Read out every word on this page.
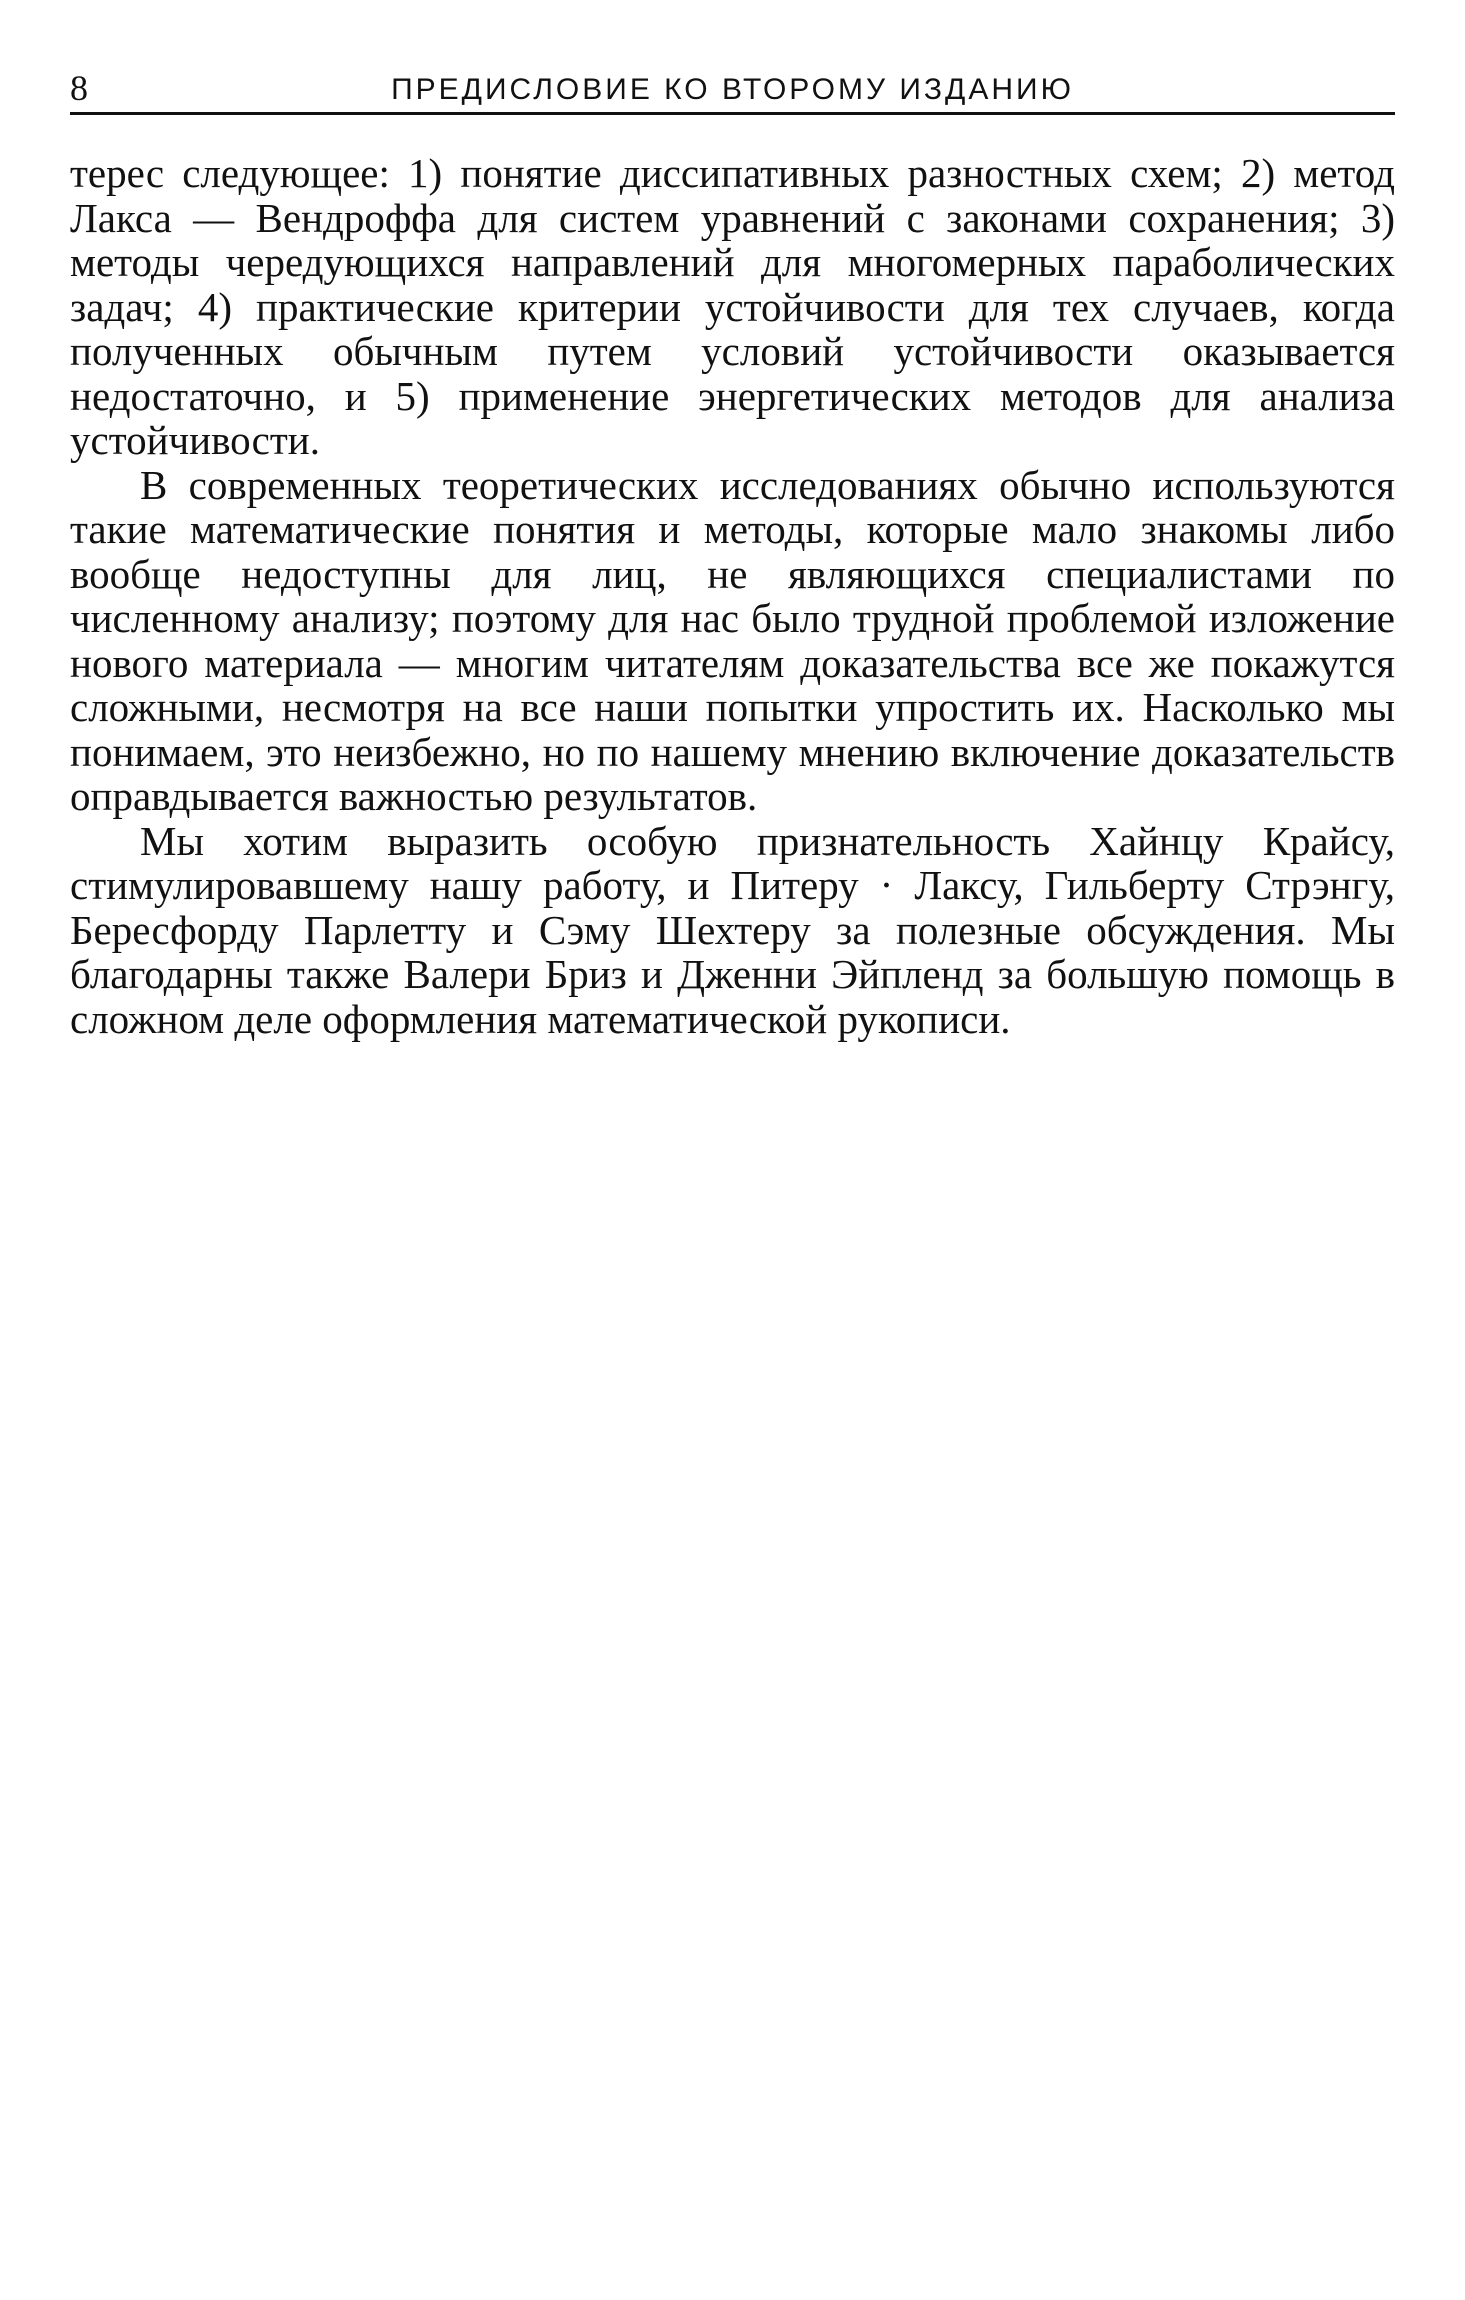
8	ПРЕДИСЛОВИЕ КО ВТОРОМУ ИЗДАНИЮ

терес следующее: 1) понятие диссипативных разностных схем; 2) метод Лакса — Вендроффа для систем уравнений с законами сохранения; 3) методы чередующихся направлений для многомерных параболических задач; 4) практические критерии устойчивости для тех случаев, когда полученных обычным путем условий устойчивости оказывается недостаточно, и 5) применение энергетических методов для анализа устойчивости.

В современных теоретических исследованиях обычно используются такие математические понятия и методы, которые мало знакомы либо вообще недоступны для лиц, не являющихся специалистами по численному анализу; поэтому для нас было трудной проблемой изложение нового материала — многим читателям доказательства все же покажутся сложными, несмотря на все наши попытки упростить их. Насколько мы понимаем, это неизбежно, но по нашему мнению включение доказательств оправдывается важностью результатов.

Мы хотим выразить особую признательность Хайнцу Крайсу, стимулировавшему нашу работу, и Питеру · Лаксу, Гильберту Стрэнгу, Бересфорду Парлетту и Сэму Шехтеру за полезные обсуждения. Мы благодарны также Валери Бриз и Дженни Эйпленд за большую помощь в сложном деле оформления математической рукописи.
